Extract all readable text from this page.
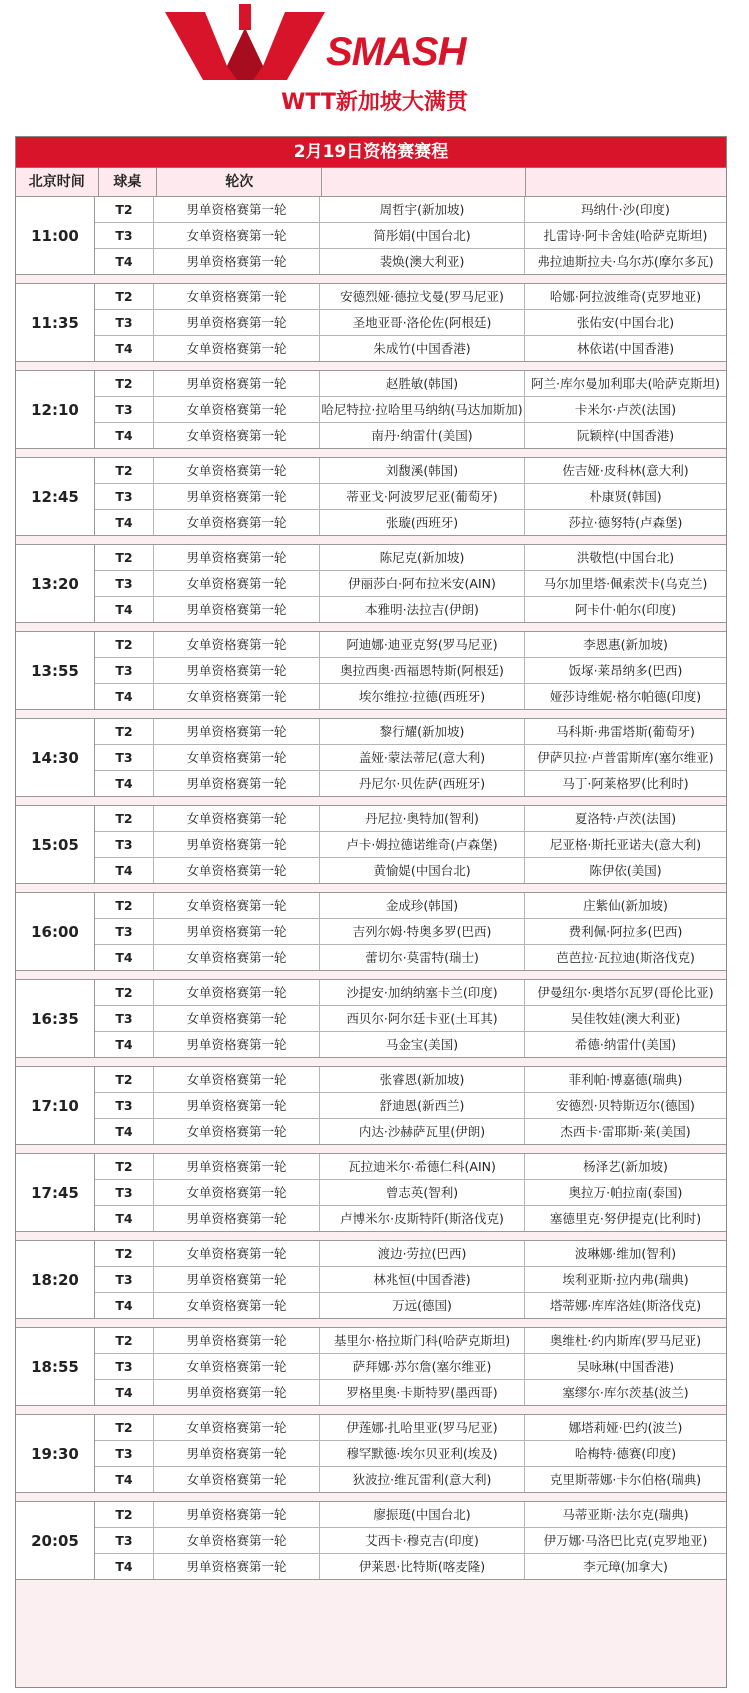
SMASH
WTT新加坡大满贯
2月19日资格赛赛程
北京时间	球桌	轮次
11:00
T2	男单资格赛第一轮	周哲宇(新加坡)	玛纳什·沙(印度)
T3	女单资格赛第一轮	简彤娟(中国台北)	扎雷诗·阿卡舍娃(哈萨克斯坦)
T4	男单资格赛第一轮	裴焕(澳大利亚)	弗拉迪斯拉夫·乌尔苏(摩尔多瓦)
11:35
T2	女单资格赛第一轮	安德烈娅·德拉戈曼(罗马尼亚)	哈娜·阿拉波维奇(克罗地亚)
T3	男单资格赛第一轮	圣地亚哥·洛伦佐(阿根廷)	张佑安(中国台北)
T4	女单资格赛第一轮	朱成竹(中国香港)	林依诺(中国香港)
12:10
T2	男单资格赛第一轮	赵胜敏(韩国)	阿兰·库尔曼加利耶夫(哈萨克斯坦)
T3	女单资格赛第一轮	哈尼特拉·拉哈里马纳纳(马达加斯加)	卡米尔·卢茨(法国)
T4	女单资格赛第一轮	南丹·纳雷什(美国)	阮颖梓(中国香港)
12:45
T2	女单资格赛第一轮	刘馥溪(韩国)	佐吉娅·皮科林(意大利)
T3	男单资格赛第一轮	蒂亚戈·阿波罗尼亚(葡萄牙)	朴康贤(韩国)
T4	女单资格赛第一轮	张璇(西班牙)	莎拉·德努特(卢森堡)
13:20
T2	男单资格赛第一轮	陈尼克(新加坡)	洪敬恺(中国台北)
T3	女单资格赛第一轮	伊丽莎白·阿布拉米安(AIN)	马尔加里塔·佩索茨卡(乌克兰)
T4	男单资格赛第一轮	本雅明·法拉吉(伊朗)	阿卡什·帕尔(印度)
13:55
T2	女单资格赛第一轮	阿迪娜·迪亚克努(罗马尼亚)	李恩惠(新加坡)
T3	男单资格赛第一轮	奥拉西奥·西福恩特斯(阿根廷)	饭塚·莱昂纳多(巴西)
T4	女单资格赛第一轮	埃尔维拉·拉德(西班牙)	娅莎诗维妮·格尔帕德(印度)
14:30
T2	男单资格赛第一轮	黎行耀(新加坡)	马科斯·弗雷塔斯(葡萄牙)
T3	女单资格赛第一轮	盖娅·蒙法蒂尼(意大利)	伊萨贝拉·卢普雷斯库(塞尔维亚)
T4	男单资格赛第一轮	丹尼尔·贝佐萨(西班牙)	马丁·阿莱格罗(比利时)
15:05
T2	女单资格赛第一轮	丹尼拉·奥特加(智利)	夏洛特·卢茨(法国)
T3	男单资格赛第一轮	卢卡·姆拉德诺维奇(卢森堡)	尼亚格·斯托亚诺夫(意大利)
T4	女单资格赛第一轮	黄愉媞(中国台北)	陈伊依(美国)
16:00
T2	女单资格赛第一轮	金成珍(韩国)	庄紫仙(新加坡)
T3	男单资格赛第一轮	吉列尔姆·特奥多罗(巴西)	费利佩·阿拉多(巴西)
T4	女单资格赛第一轮	蕾切尔·莫雷特(瑞士)	芭芭拉·瓦拉迪(斯洛伐克)
16:35
T2	女单资格赛第一轮	沙提安·加纳纳塞卡兰(印度)	伊曼纽尔·奥塔尔瓦罗(哥伦比亚)
T3	女单资格赛第一轮	西贝尔·阿尔廷卡亚(土耳其)	吴佳牧娃(澳大利亚)
T4	男单资格赛第一轮	马金宝(美国)	希德·纳雷什(美国)
17:10
T2	女单资格赛第一轮	张睿恩(新加坡)	菲利帕·博嘉德(瑞典)
T3	男单资格赛第一轮	舒迪恩(新西兰)	安德烈·贝特斯迈尔(德国)
T4	女单资格赛第一轮	内达·沙赫萨瓦里(伊朗)	杰西卡·雷耶斯·莱(美国)
17:45
T2	男单资格赛第一轮	瓦拉迪米尔·希德仁科(AIN)	杨泽艺(新加坡)
T3	女单资格赛第一轮	曾志英(智利)	奥拉万·帕拉南(泰国)
T4	男单资格赛第一轮	卢博米尔·皮斯特阡(斯洛伐克)	塞德里克·努伊提克(比利时)
18:20
T2	女单资格赛第一轮	渡边·劳拉(巴西)	波琳娜·维加(智利)
T3	男单资格赛第一轮	林兆恒(中国香港)	埃利亚斯·拉内弗(瑞典)
T4	女单资格赛第一轮	万远(德国)	塔蒂娜·库库洛娃(斯洛伐克)
18:55
T2	男单资格赛第一轮	基里尔·格拉斯门科(哈萨克斯坦)	奥维杜·约内斯库(罗马尼亚)
T3	女单资格赛第一轮	萨拜娜·苏尔詹(塞尔维亚)	吴咏琳(中国香港)
T4	男单资格赛第一轮	罗格里奥·卡斯特罗(墨西哥)	塞缪尔·库尔茨基(波兰)
19:30
T2	女单资格赛第一轮	伊莲娜·扎哈里亚(罗马尼亚)	娜塔莉娅·巴约(波兰)
T3	男单资格赛第一轮	穆罕默德·埃尔贝亚利(埃及)	哈梅特·德赛(印度)
T4	女单资格赛第一轮	狄波拉·维瓦雷利(意大利)	克里斯蒂娜·卡尔伯格(瑞典)
20:05
T2	男单资格赛第一轮	廖振珽(中国台北)	马蒂亚斯·法尔克(瑞典)
T3	女单资格赛第一轮	艾西卡·穆克吉(印度)	伊万娜·马洛巴比克(克罗地亚)
T4	男单资格赛第一轮	伊莱恩·比特斯(喀麦隆)	李元璋(加拿大)
